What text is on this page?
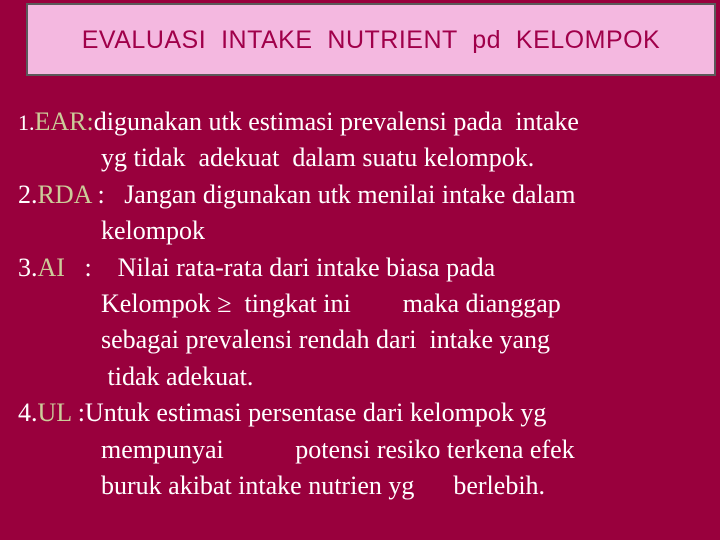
EVALUASI  INTAKE  NUTRIENT  pd  KELOMPOK
1.EAR:digunakan utk estimasi prevalensi pada  intake
yg tidak  adekuat  dalam suatu kelompok.
2.RDA :   Jangan digunakan utk menilai intake dalam
kelompok
3.AI   :    Nilai rata-rata dari intake biasa pada
Kelompok ≥  tingkat ini        maka dianggap
sebagai prevalensi rendah dari  intake yang
tidak adekuat.
4.UL :Untuk estimasi persentase dari kelompok yg
mempunyai           potensi resiko terkena efek
buruk akibat intake nutrien yg      berlebih.
